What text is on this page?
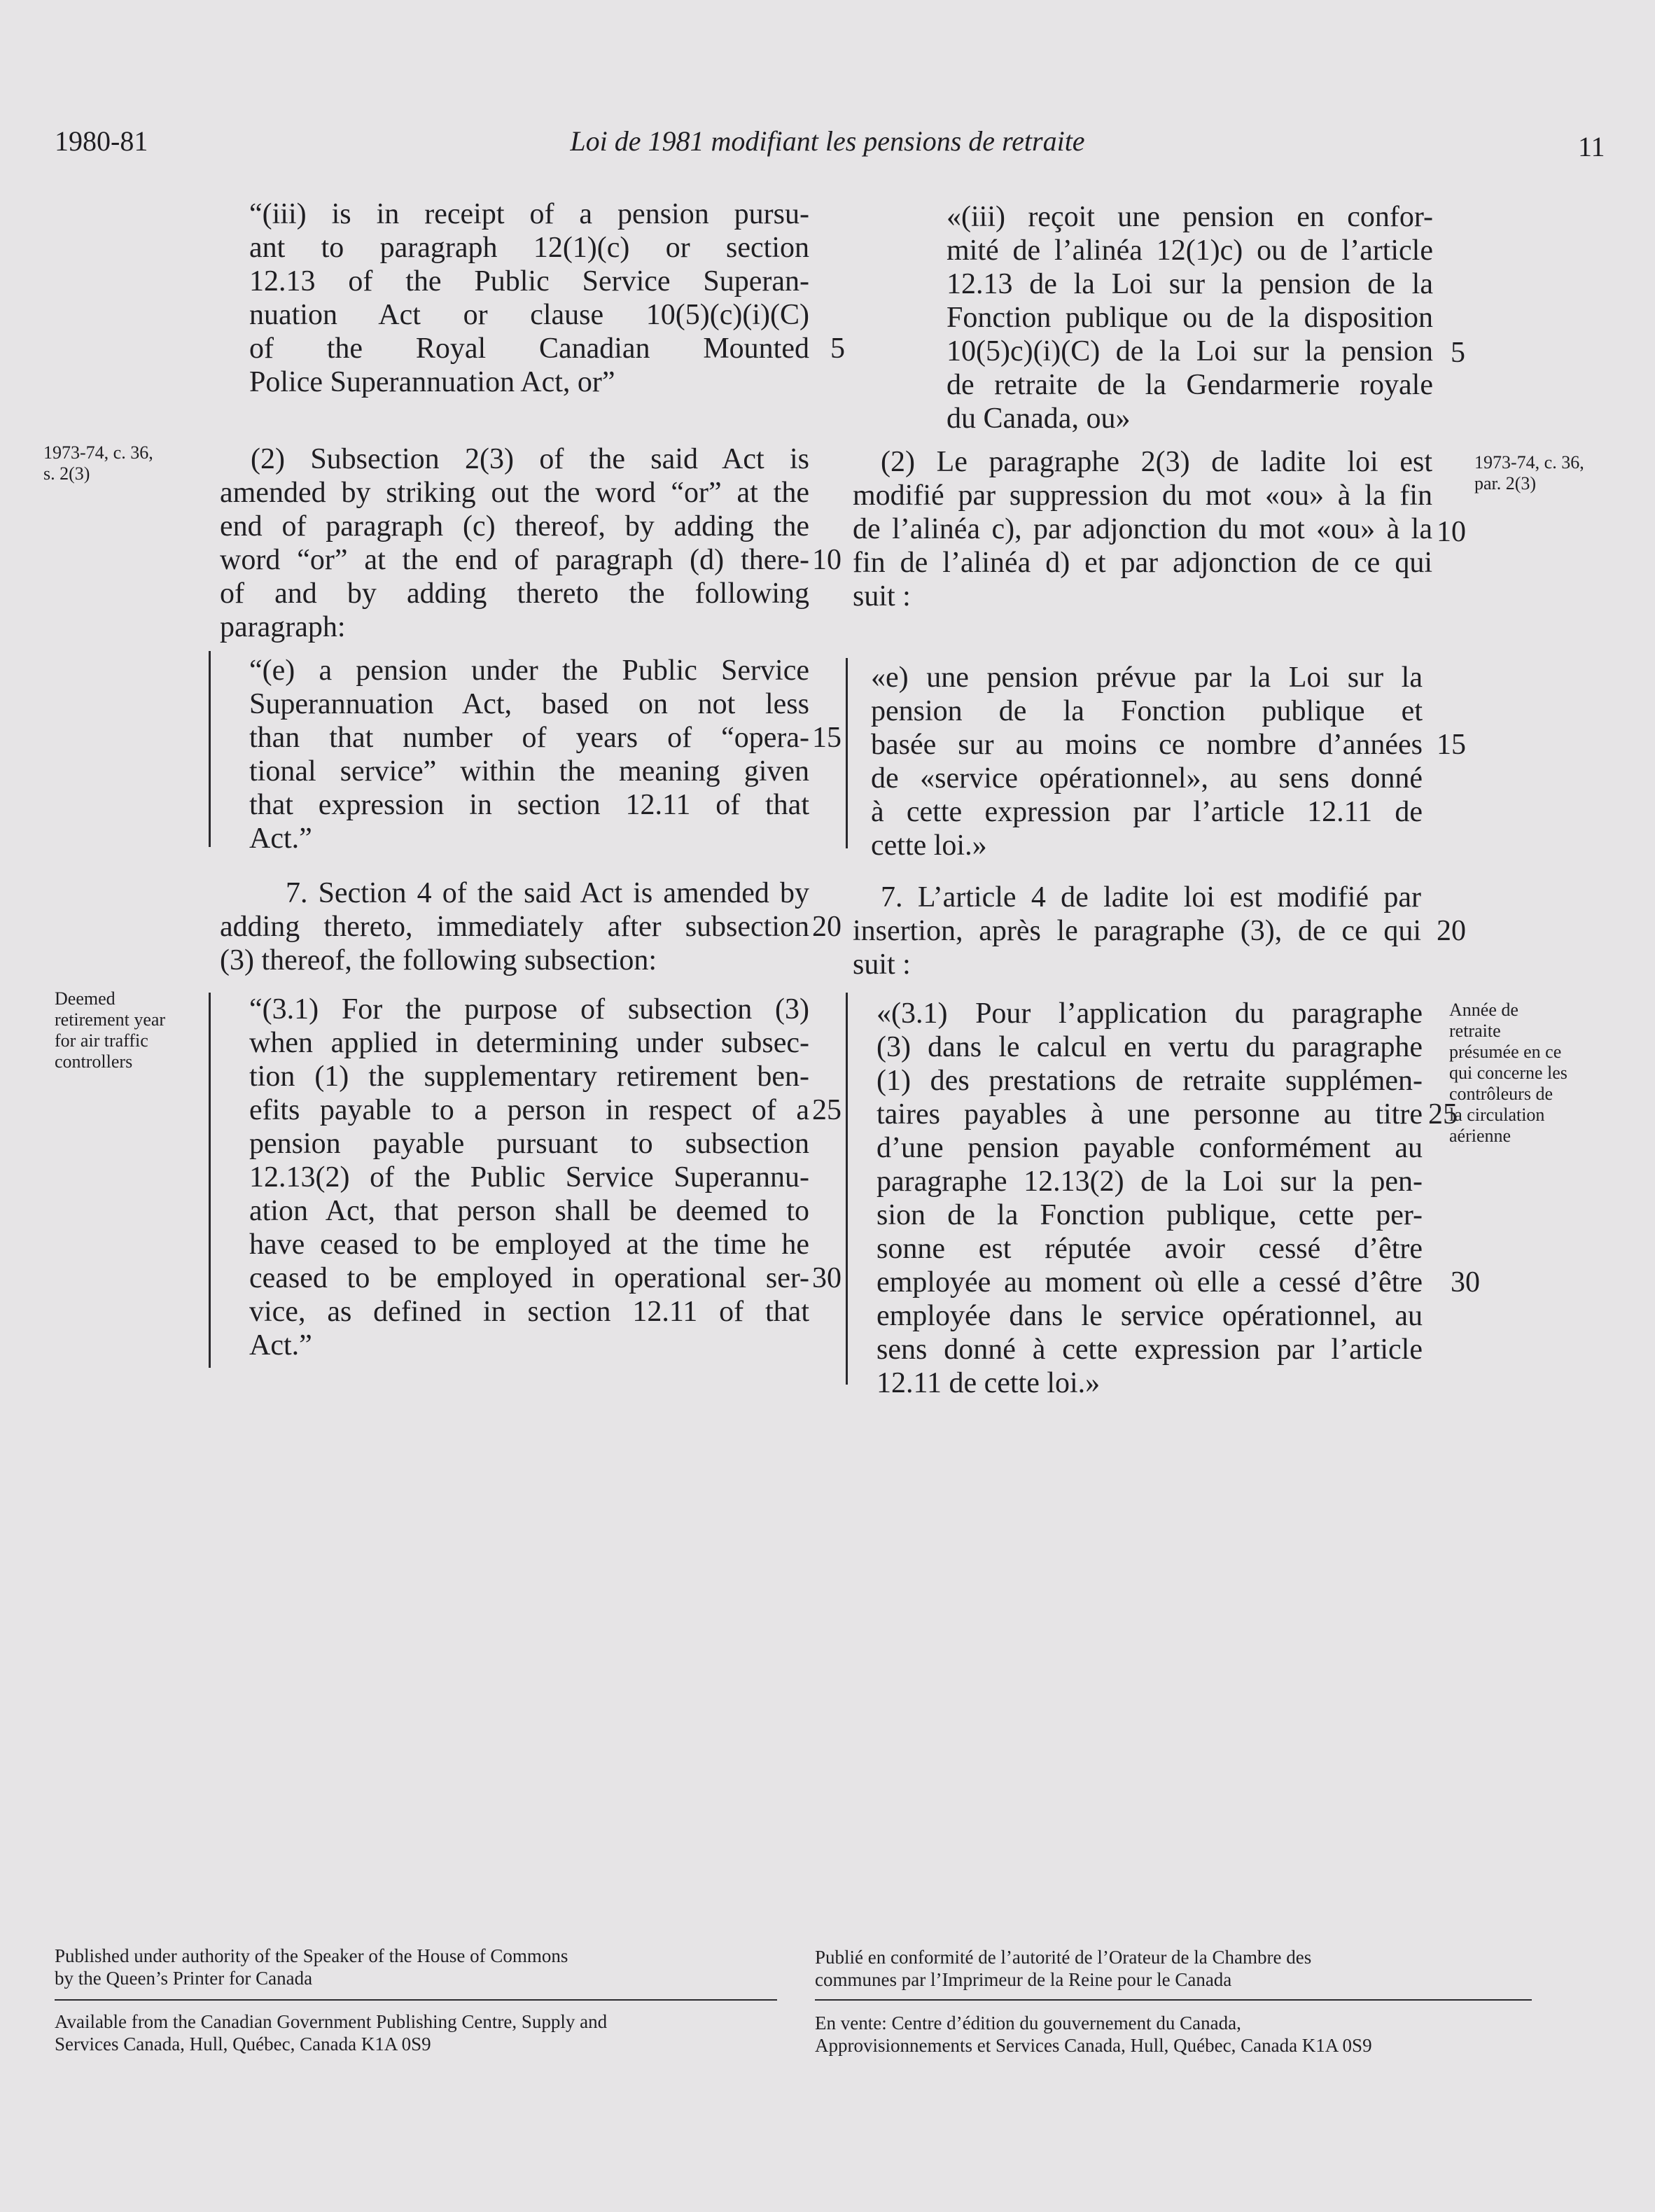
1980-81	Loi de 1981 modifiant les pensions de retraite	11

“(iii) is in receipt of a pension pursu-

ant to paragraph 12(1)(c) or section

12.13 of the Public Service Superan-

nuation Act or clause 10(5)(c)(i)(C)

of the Royal Canadian Mounted

Police Superannuation Act, or”

1973-74, c. 36,
s. 2(3)	(2) Subsection 2(3) of the said Act is

amended by striking out the word “or” at the

end of paragraph (c) thereof, by adding the

word “or” at the end of paragraph (d) there-

of and by adding thereto the following

paragraph:

“(e) a pension under the Public Service

Superannuation Act, based on not less

than that number of years of “opera-

tional service” within the meaning given

that expression in section 12.11 of that

Act.”

7. Section 4 of the said Act is amended by

adding thereto, immediately after subsection

(3) thereof, the following subsection:

Deemed
retirement year
for air traffic
controllers

“(3.1) For the purpose of subsection (3)

when applied in determining under subsec-

tion (1) the supplementary retirement ben-

efits payable to a person in respect of a

pension payable pursuant to subsection

12.13(2) of the Public Service Superannu-

ation Act, that person shall be deemed to

have ceased to be employed at the time he

ceased to be employed in operational ser-

vice, as defined in section 12.11 of that

Act.”

5
10
15
20
25
30

«(iii) reçoit une pension en confor-

mité de l’alinéa 12(1)c) ou de l’article

12.13 de la Loi sur la pension de la

Fonction publique ou de la disposition

10(5)c)(i)(C) de la Loi sur la pension

de retraite de la Gendarmerie royale

du Canada, ou»

(2) Le paragraphe 2(3) de ladite loi est

modifié par suppression du mot «ou» à la fin

de l’alinéa c), par adjonction du mot «ou» à la

fin de l’alinéa d) et par adjonction de ce qui

suit :

1973-74, c. 36,
par. 2(3)

«e) une pension prévue par la Loi sur la

pension de la Fonction publique et

basée sur au moins ce nombre d’années

de «service opérationnel», au sens donné

à cette expression par l’article 12.11 de

cette loi.»

7. L’article 4 de ladite loi est modifié par

insertion, après le paragraphe (3), de ce qui

suit :

«(3.1) Pour l’application du paragraphe

(3) dans le calcul en vertu du paragraphe

(1) des prestations de retraite supplémen-

taires payables à une personne au titre

d’une pension payable conformément au

paragraphe 12.13(2) de la Loi sur la pen-

sion de la Fonction publique, cette per-

sonne est réputée avoir cessé d’être

employée au moment où elle a cessé d’être

employée dans le service opérationnel, au

sens donné à cette expression par l’article

12.11 de cette loi.»

Année de
retraite
présumée en ce
qui concerne les
contrôleurs de
la circulation
aérienne
5
10
15
20
25
30
Published under authority of the Speaker of the House of Commons
by the Queen’s Printer for Canada
Publié en conformité de l’autorité de l’Orateur de la Chambre des
communes par l’Imprimeur de la Reine pour le Canada
Available from the Canadian Government Publishing Centre, Supply and
Services Canada, Hull, Québec, Canada K1A 0S9
En vente: Centre d’édition du gouvernement du Canada,
Approvisionnements et Services Canada, Hull, Québec, Canada K1A 0S9
